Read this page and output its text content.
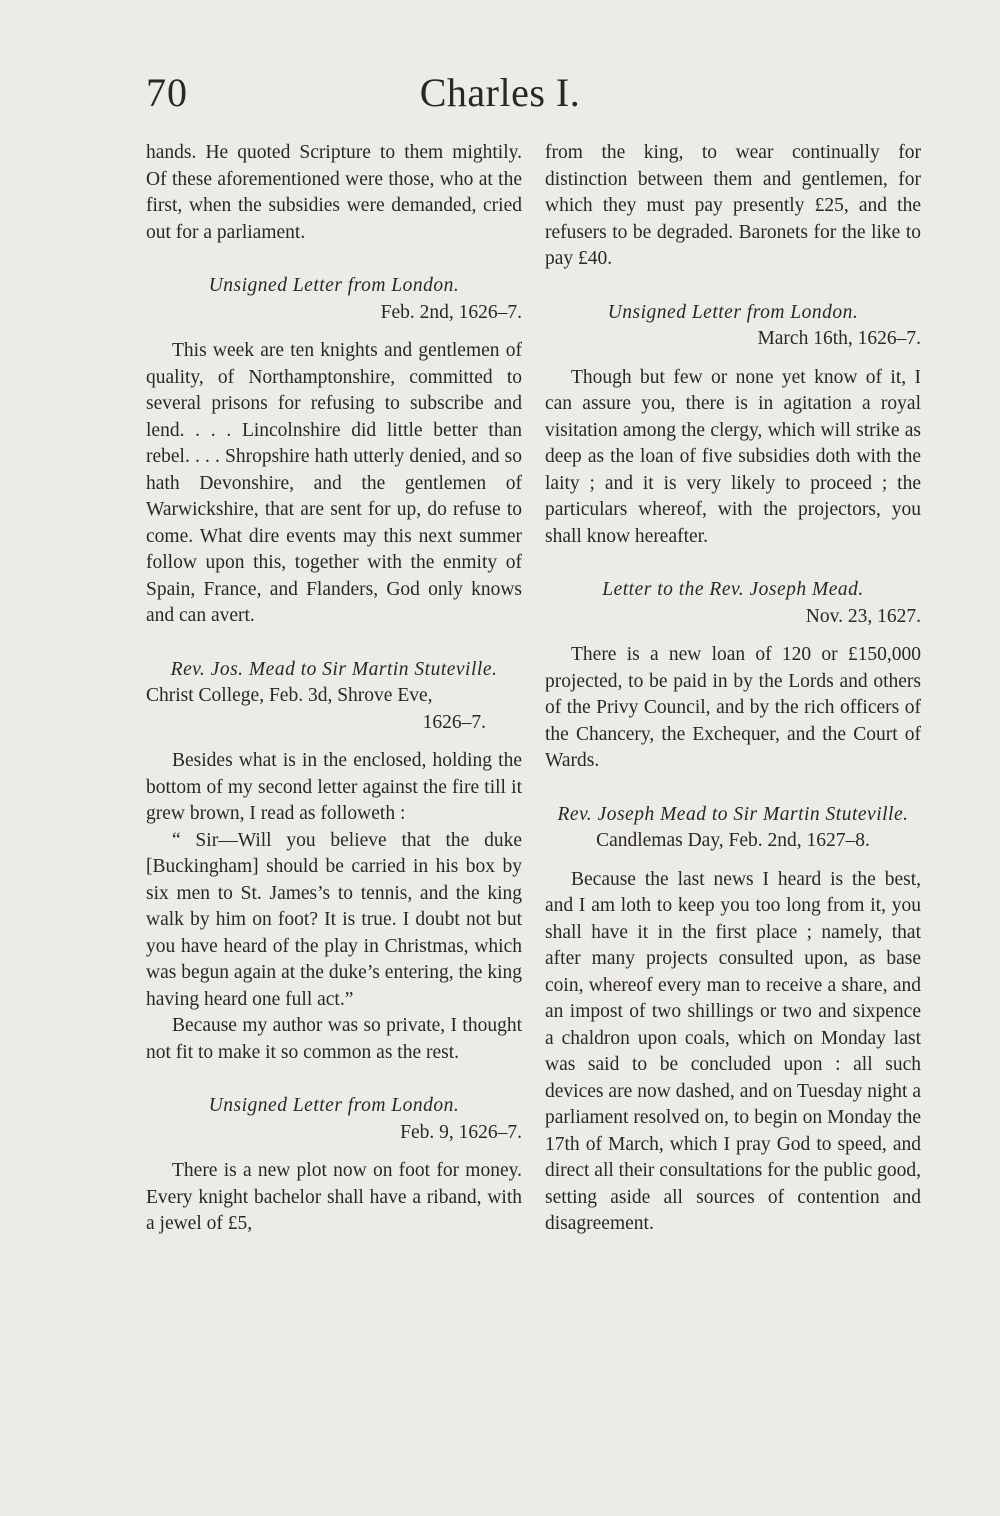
70	Charles I.

hands. He quoted Scripture to them mightily. Of these aforementioned were those, who at the first, when the subsidies were demanded, cried out for a parliament.

Unsigned Letter from London.

Feb. 2nd, 1626–7.

This week are ten knights and gentlemen of quality, of Northamptonshire, committed to several prisons for refusing to subscribe and lend. . . . Lincolnshire did little better than rebel. . . . Shropshire hath utterly denied, and so hath Devonshire, and the gentlemen of Warwickshire, that are sent for up, do refuse to come. What dire events may this next summer follow upon this, together with the enmity of Spain, France, and Flanders, God only knows and can avert.

Rev. Jos. Mead to Sir Martin Stuteville.

Christ College, Feb. 3d, Shrove Eve,

1626–7.

Besides what is in the enclosed, holding the bottom of my second letter against the fire till it grew brown, I read as followeth :

“ Sir—Will you believe that the duke [Buckingham] should be carried in his box by six men to St. James’s to tennis, and the king walk by him on foot? It is true. I doubt not but you have heard of the play in Christmas, which was begun again at the duke’s entering, the king having heard one full act.”

Because my author was so private, I thought not fit to make it so common as the rest.

Unsigned Letter from London.

Feb. 9, 1626–7.

There is a new plot now on foot for money. Every knight bachelor shall have a riband, with a jewel of £5,

from the king, to wear continually for distinction between them and gentlemen, for which they must pay presently £25, and the refusers to be degraded. Baronets for the like to pay £40.

Unsigned Letter from London.

March 16th, 1626–7.

Though but few or none yet know of it, I can assure you, there is in agitation a royal visitation among the clergy, which will strike as deep as the loan of five subsidies doth with the laity ; and it is very likely to proceed ; the particulars whereof, with the projectors, you shall know hereafter.

Letter to the Rev. Joseph Mead.

Nov. 23, 1627.

There is a new loan of 120 or £150,000 projected, to be paid in by the Lords and others of the Privy Council, and by the rich officers of the Chancery, the Exchequer, and the Court of Wards.

Rev. Joseph Mead to Sir Martin Stuteville.

Candlemas Day, Feb. 2nd, 1627–8.

Because the last news I heard is the best, and I am loth to keep you too long from it, you shall have it in the first place ; namely, that after many projects consulted upon, as base coin, whereof every man to receive a share, and an impost of two shillings or two and sixpence a chaldron upon coals, which on Monday last was said to be concluded upon : all such devices are now dashed, and on Tuesday night a parliament resolved on, to begin on Monday the 17th of March, which I pray God to speed, and direct all their consultations for the public good, setting aside all sources of contention and disagreement.
